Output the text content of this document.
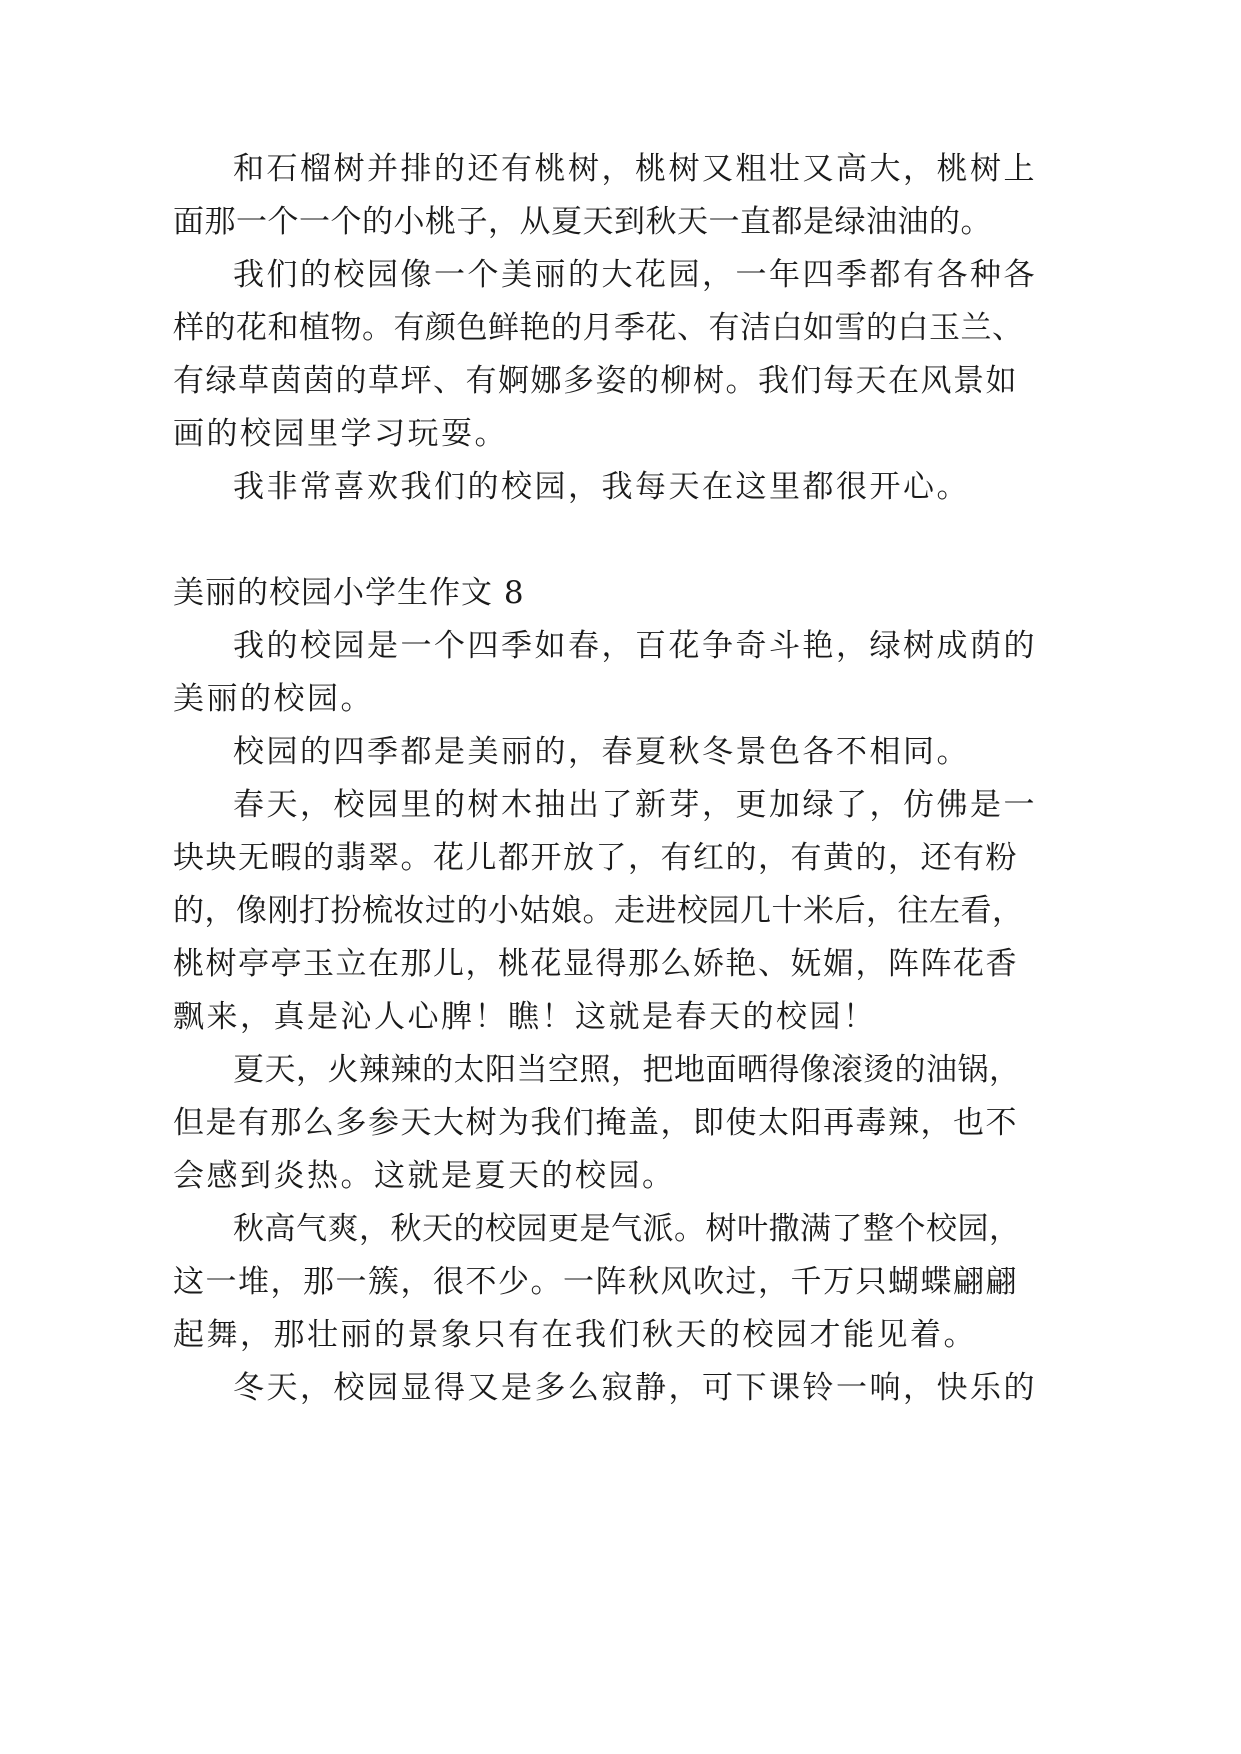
和石榴树并排的还有桃树，桃树又粗壮又高大，桃树上
面那一个一个的小桃子，从夏天到秋天一直都是绿油油的。
我们的校园像一个美丽的大花园，一年四季都有各种各
样的花和植物。有颜色鲜艳的月季花、有洁白如雪的白玉兰、
有绿草茵茵的草坪、有婀娜多姿的柳树。我们每天在风景如
画的校园里学习玩耍。
我非常喜欢我们的校园，我每天在这里都很开心。
美丽的校园小学生作文 8
我的校园是一个四季如春，百花争奇斗艳，绿树成荫的
美丽的校园。
校园的四季都是美丽的，春夏秋冬景色各不相同。
春天，校园里的树木抽出了新芽，更加绿了，仿佛是一
块块无暇的翡翠。花儿都开放了，有红的，有黄的，还有粉
的，像刚打扮梳妆过的小姑娘。走进校园几十米后，往左看，
桃树亭亭玉立在那儿，桃花显得那么娇艳、妩媚，阵阵花香
飘来，真是沁人心脾！瞧！这就是春天的校园！
夏天，火辣辣的太阳当空照，把地面晒得像滚烫的油锅，
但是有那么多参天大树为我们掩盖，即使太阳再毒辣，也不
会感到炎热。这就是夏天的校园。
秋高气爽，秋天的校园更是气派。树叶撒满了整个校园，
这一堆，那一簇，很不少。一阵秋风吹过，千万只蝴蝶翩翩
起舞，那壮丽的景象只有在我们秋天的校园才能见着。
冬天，校园显得又是多么寂静，可下课铃一响，快乐的
